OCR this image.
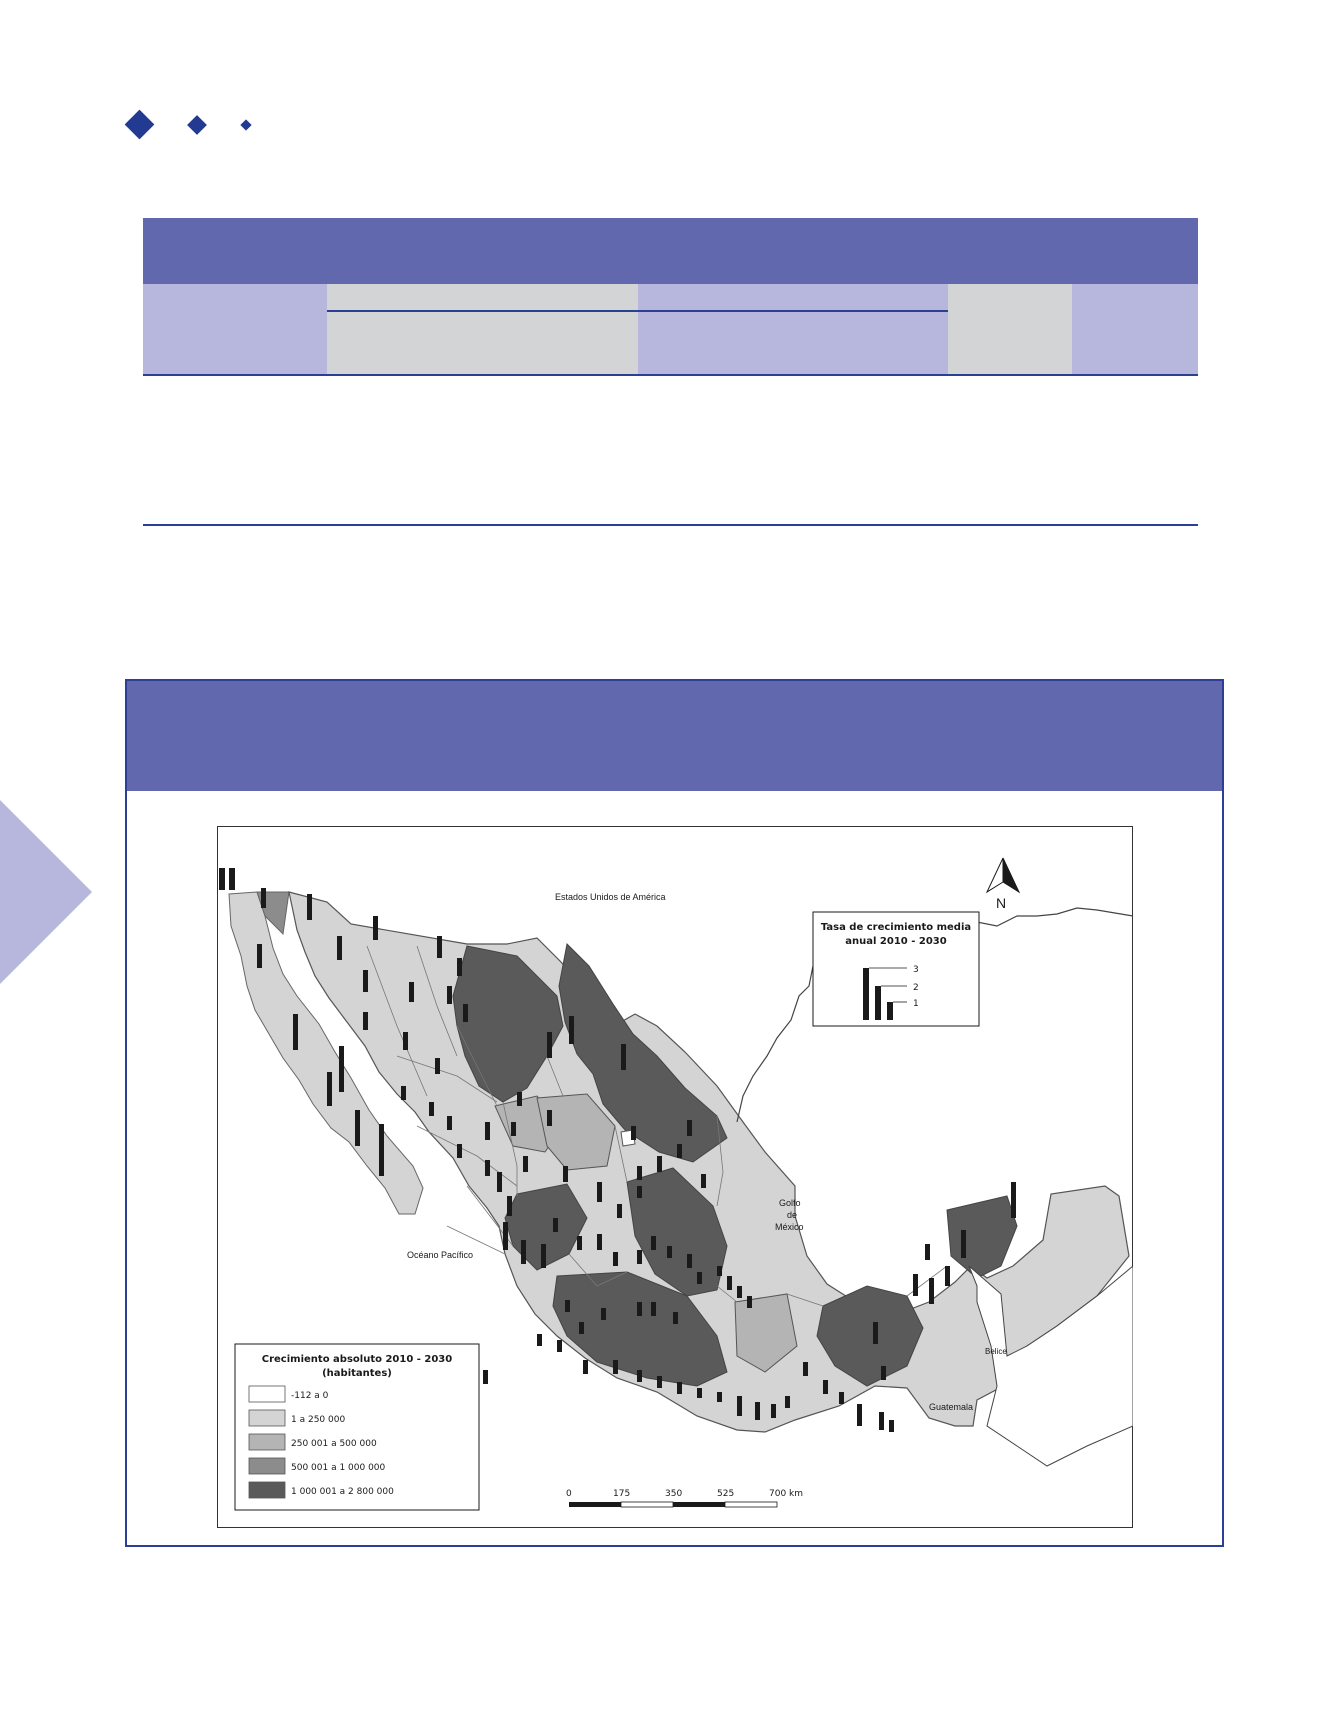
Estados Unidos de América
Golfo
de
México
Océano Pacífico
Belice
Guatemala
N
Tasa de crecimiento media
anual 2010 - 2030
3
2
1
Crecimiento absoluto 2010 - 2030
(habitantes)
-112 a 0
1 a 250 000
250 001 a 500 000
500 001 a 1 000 000
1 000 001 a 2 800 000	0	175	350	525	700 km
